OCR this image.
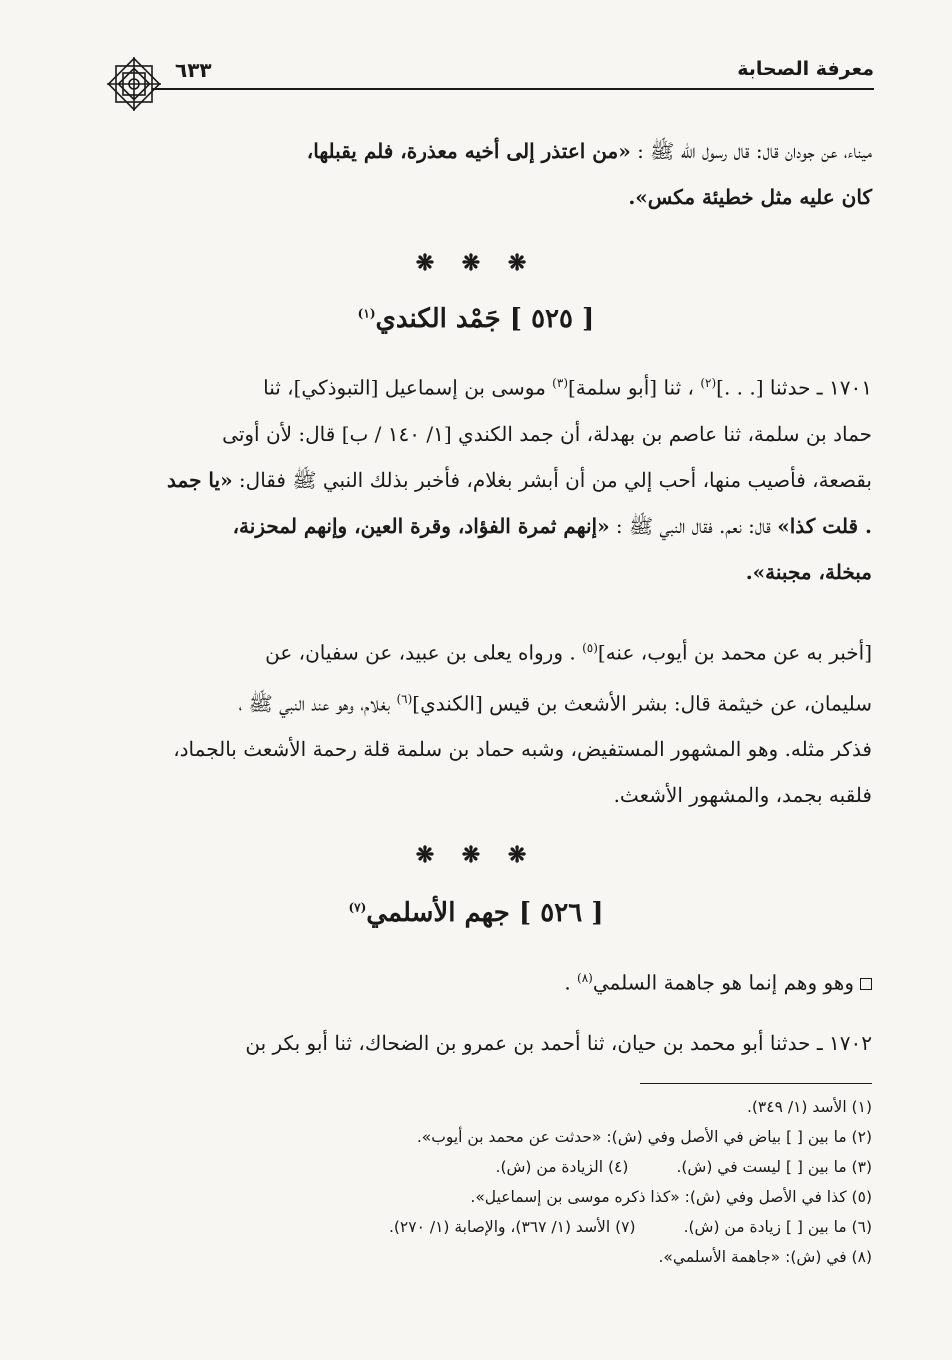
معرفة الصحابة
٦٣٣
ميناء، عن جودان قال: قال رسول الله ﷺ : «من اعتذر إلى أخيه معذرة، فلم يقبلها،
كان عليه مثل خطيئة مكس».
❋ ❋ ❋
[ ٥٢٥ ] جَمْد الكندي$^{(١)}$
١٧٠١ ـ حدثنا [. . .]$^{(٢)}$ ، ثنا [أبو سلمة]$^{(٣)}$ موسى بن إسماعيل [التبوذكي]، ثنا
حماد بن سلمة، ثنا عاصم بن بهدلة، أن جمد الكندي [١/ ١٤٠ / ب] قال: لأن أوتى
بقصعة، فأصيب منها، أحب إلي من أن أبشر بغلام، فأخبر بذلك النبي ﷺ فقال: «يا جمد
. قلت كذا» قال: نعم. فقال النبي ﷺ : «إنهم ثمرة الفؤاد، وقرة العين، وإنهم لمحزنة،
مبخلة، مجبنة».
[أخبر به عن محمد بن أيوب، عنه]$^{(٥)}$ . ورواه يعلى بن عبيد، عن سفيان، عن
سليمان، عن خيثمة قال: بشر الأشعث بن قيس [الكندي]$^{(٦)}$ بغلام، وهو عند النبي ﷺ ،
فذكر مثله. وهو المشهور المستفيض، وشبه حماد بن سلمة قلة رحمة الأشعث بالجماد،
فلقبه بجمد، والمشهور الأشعث.
❋ ❋ ❋
[ ٥٢٦ ] جهم الأسلمي$^{(٧)}$
وهو وهم إنما هو جاهمة السلمي$^{(٨)}$ .
١٧٠٢ ـ حدثنا أبو محمد بن حيان، ثنا أحمد بن عمرو بن الضحاك، ثنا أبو بكر بن
(١) الأسد (١/ ٣٤٩).
(٢) ما بين [ ] بياض في الأصل وفي (ش): «حدثت عن محمد بن أيوب».
(٣) ما بين [ ] ليست في (ش).
(٤) الزيادة من (ش).
(٥) كذا في الأصل وفي (ش): «كذا ذكره موسى بن إسماعيل».
(٦) ما بين [ ] زيادة من (ش).
(٧) الأسد (١/ ٣٦٧)، والإصابة (١/ ٢٧٠).
(٨) في (ش): «جاهمة الأسلمي».
